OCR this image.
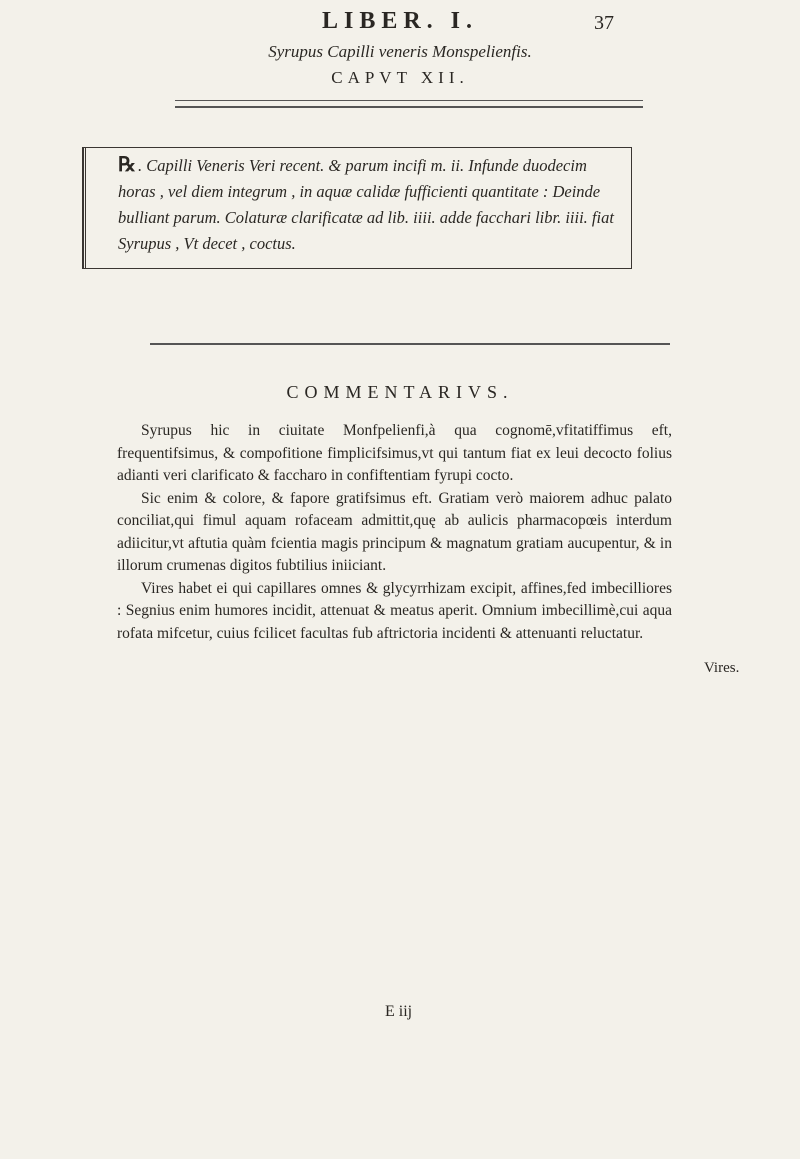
LIBER. I.	37
Syrupus Capilli veneris Monspelienfis.
CAPVT XII.
℞ . Capilli Veneris Veri recent. & parum incifi m. ii. Infunde duodecim horas , vel diem integrum , in aquæ calidæ fufficienti quantitate : Deinde bulliant parum. Colaturæ clarificatæ ad lib. iiii. adde facchari libr. iiii. fiat Syrupus , Vt decet , coctus.
COMMENTARIVS.

Syrupus hic in ciuitate Monfpelienfi,à qua cognomē,vfitatiffimus eft, frequentifsimus, & compofitione fimplicifsimus,vt qui tantum fiat ex leui decocto folius adianti veri clarificato & faccharo in confiftentiam fyrupi cocto.

Sic enim & colore, & fapore gratifsimus eft. Gratiam verò maiorem adhuc palato conciliat,qui fimul aquam rofaceam admittit,quę ab aulicis pharmacopœis interdum adiicitur,vt aftutia quàm fcientia magis principum & magnatum gratiam aucupentur, & in illorum crumenas digitos fubtilius iniiciant.

Vires habet ei qui capillares omnes & glycyrrhizam excipit, affines,fed imbecilliores : Segnius enim humores incidit, attenuat & meatus aperit. Omnium imbecillimè,cui aqua rofata mifcetur, cuius fcilicet facultas fub aftrictoria incidenti & attenuanti reluctatur.

Vires.
E iij
